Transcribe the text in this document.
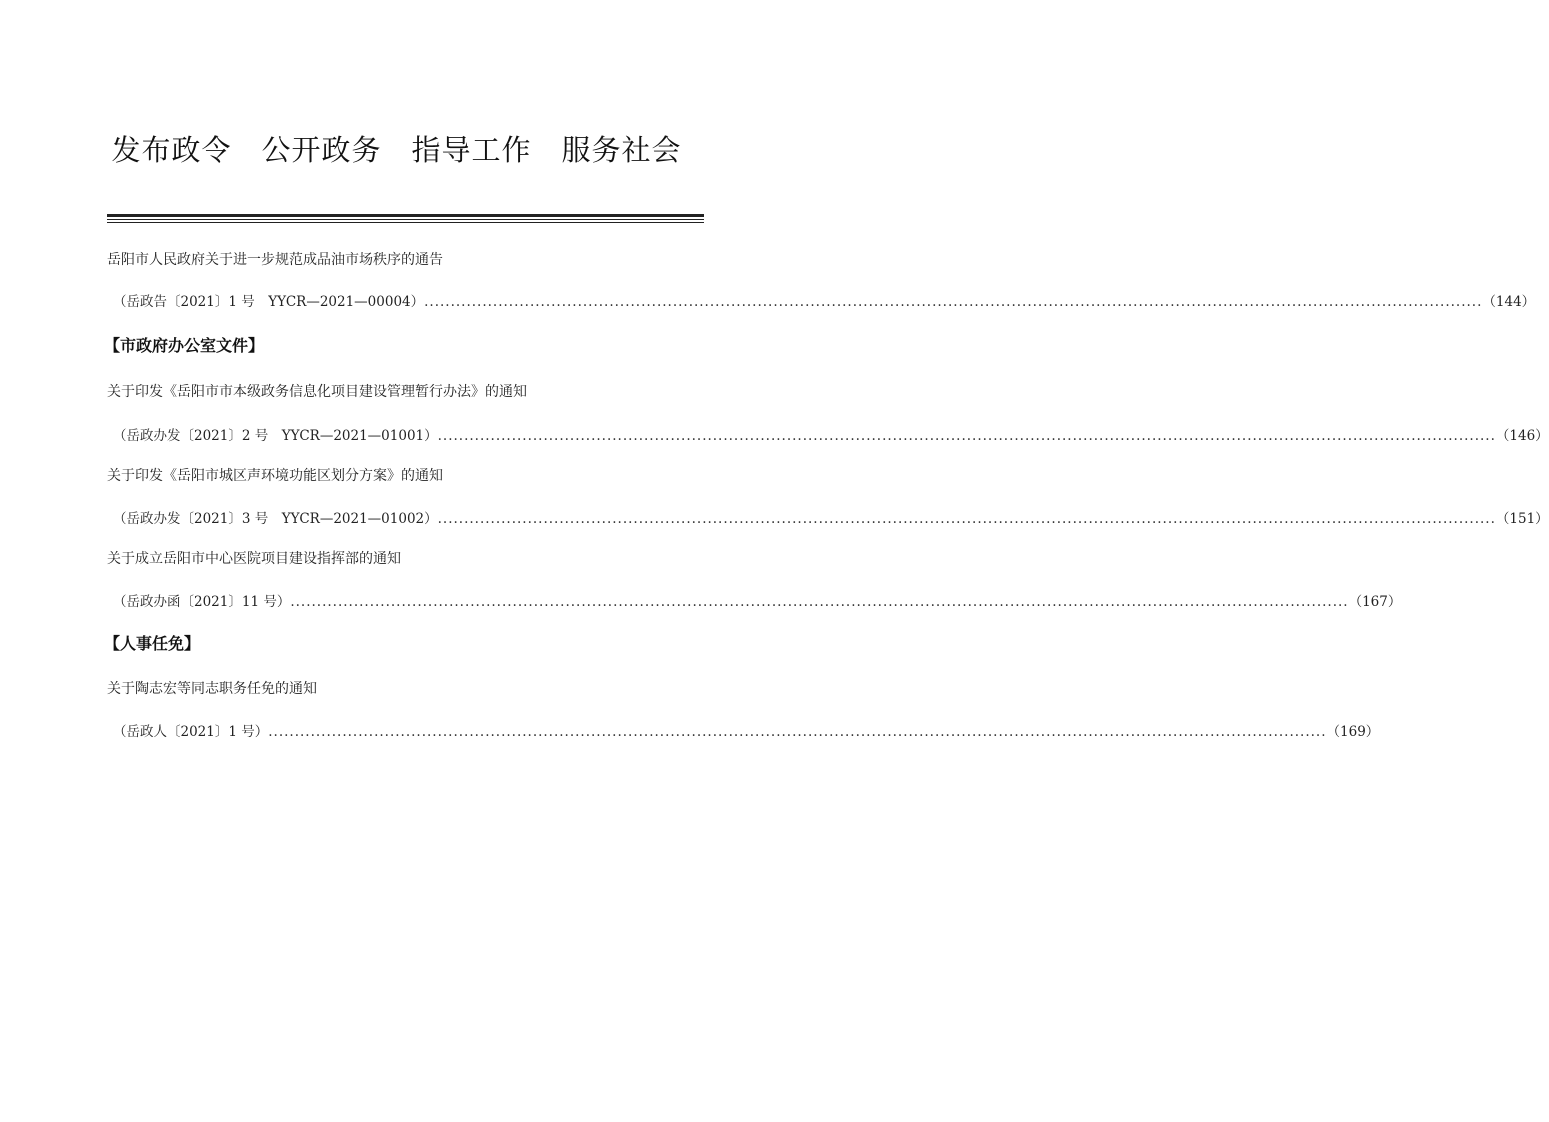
发布政令 公开政务 指导工作 服务社会
岳阳市人民政府关于进一步规范成品油市场秩序的通告
（岳政告〔2021〕1 号　YYCR—2021—00004） ........................................................................................................................................................................................................ （144）
【市政府办公室文件】
关于印发《岳阳市市本级政务信息化项目建设管理暂行办法》的通知
（岳政办发〔2021〕2 号　YYCR—2021—01001） ........................................................................................................................................................................................................ （146）
关于印发《岳阳市城区声环境功能区划分方案》的通知
（岳政办发〔2021〕3 号　YYCR—2021—01002） ........................................................................................................................................................................................................ （151）
关于成立岳阳市中心医院项目建设指挥部的通知
（岳政办函〔2021〕11 号） ........................................................................................................................................................................................................ （167）
【人事任免】
关于陶志宏等同志职务任免的通知
（岳政人〔2021〕1 号） ........................................................................................................................................................................................................ （169）
